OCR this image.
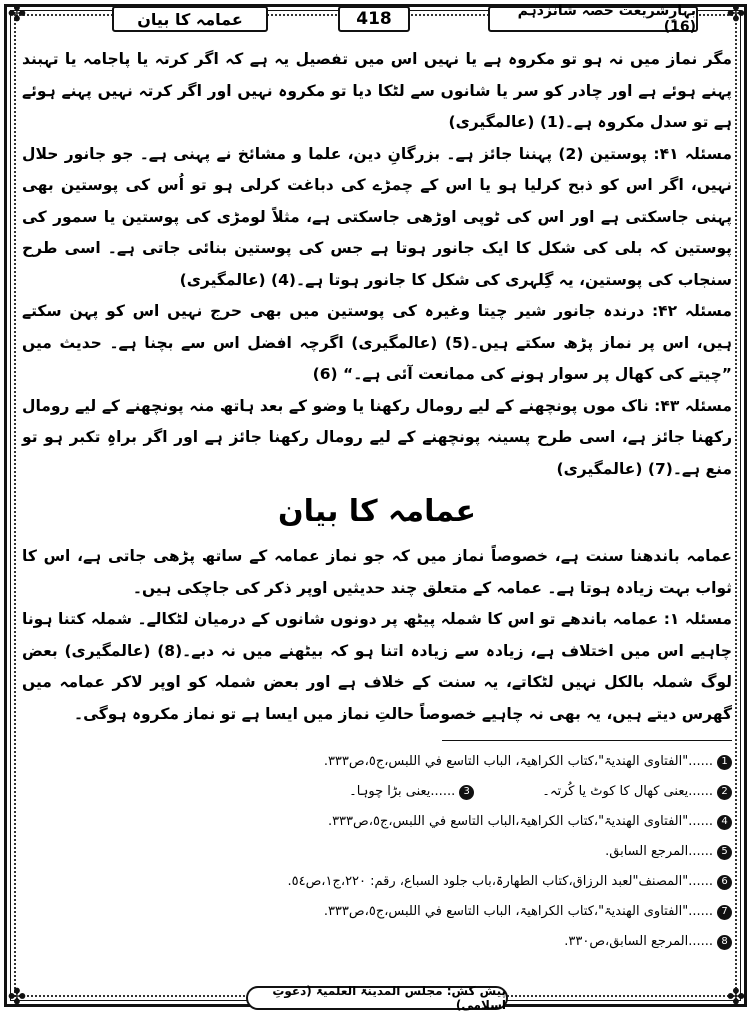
✤	✤
✤	✤
عمامہ کا بیان	418	بہارِشریعت حصہ شانزدہم (16)

مگر نماز میں نہ ہو تو مکروہ ہے یا نہیں اس میں تفصیل یہ ہے کہ اگر کرتہ یا پاجامہ یا تہبند پہنے ہوئے ہے اور چادر کو سر یا شانوں سے لٹکا دیا تو مکروہ نہیں اور اگر کرتہ نہیں پہنے ہوئے ہے تو سدل مکروہ ہے۔(1) (عالمگیری)

مسئلہ ۴۱: پوستین (2) پہننا جائز ہے۔ بزرگانِ دین، علما و مشائخ نے پہنی ہے۔ جو جانور حلال نہیں، اگر اس کو ذبح کرلیا ہو یا اس کے چمڑے کی دباغت کرلی ہو تو اُس کی پوستین بھی پہنی جاسکتی ہے اور اس کی ٹوپی اوڑھی جاسکتی ہے، مثلاً لومڑی کی پوستین یا سمور کی پوستین کہ بلی کی شکل کا ایک جانور ہوتا ہے جس کی پوستین بنائی جاتی ہے۔ اسی طرح سنجاب کی پوستین، یہ گِلہری کی شکل کا جانور ہوتا ہے۔(4) (عالمگیری)

مسئلہ ۴۲: درندہ جانور شیر چیتا وغیرہ کی پوستین میں بھی حرج نہیں اس کو پہن سکتے ہیں، اس پر نماز پڑھ سکتے ہیں۔(5) (عالمگیری) اگرچہ افضل اس سے بچنا ہے۔ حدیث میں ”چیتے کی کھال پر سوار ہونے کی ممانعت آئی ہے۔“ (6)

مسئلہ ۴۳: ناک موں پونچھنے کے لیے رومال رکھنا یا وضو کے بعد ہاتھ منہ پونچھنے کے لیے رومال رکھنا جائز ہے، اسی طرح پسینہ پونچھنے کے لیے رومال رکھنا جائز ہے اور اگر براہِ تکبر ہو تو منع ہے۔(7) (عالمگیری)

عمامہ کا بیان

عمامہ باندھنا سنت ہے، خصوصاً نماز میں کہ جو نماز عمامہ کے ساتھ پڑھی جاتی ہے، اس کا ثواب بہت زیادہ ہوتا ہے۔ عمامہ کے متعلق چند حدیثیں اوپر ذکر کی جاچکی ہیں۔

مسئلہ ۱: عمامہ باندھے تو اس کا شملہ پیٹھ پر دونوں شانوں کے درمیان لٹکالے۔ شملہ کتنا ہونا چاہیے اس میں اختلاف ہے، زیادہ سے زیادہ اتنا ہو کہ بیٹھنے میں نہ دبے۔(8) (عالمگیری) بعض لوگ شملہ بالکل نہیں لٹکاتے، یہ سنت کے خلاف ہے اور بعض شملہ کو اوپر لاکر عمامہ میں گھرس دیتے ہیں، یہ بھی نہ چاہیے خصوصاً حالتِ نماز میں ایسا ہے تو نماز مکروہ ہوگی۔

1
......"الفتاوی الھندیۃ"،کتاب الکراھیۃ، الباب التاسع في اللبس،ج٥،ص٣٣٣.
2
......یعنی کھال کا کوٹ یا کُرتہ۔
3
......یعنی بڑا چوہا۔
4
......"الفتاوی الھندیۃ"،کتاب الکراھیۃ،الباب التاسع في اللبس،ج٥،ص٣٣٣.
5
......المرجع السابق.
6
......"المصنف"لعبد الرزاق،کتاب الطھارۃ،باب جلود السباع، رقم: ٢٢٠،ج١،ص٥٤.
7
......"الفتاوی الھندیۃ"،کتاب الکراھیۃ، الباب التاسع في اللبس،ج٥،ص٣٣٣.
8
......المرجع السابق،ص٣٣٠.
پیش کش: مجلس المدینۃ العلمیۃ (دعوتِ اسلامی)
